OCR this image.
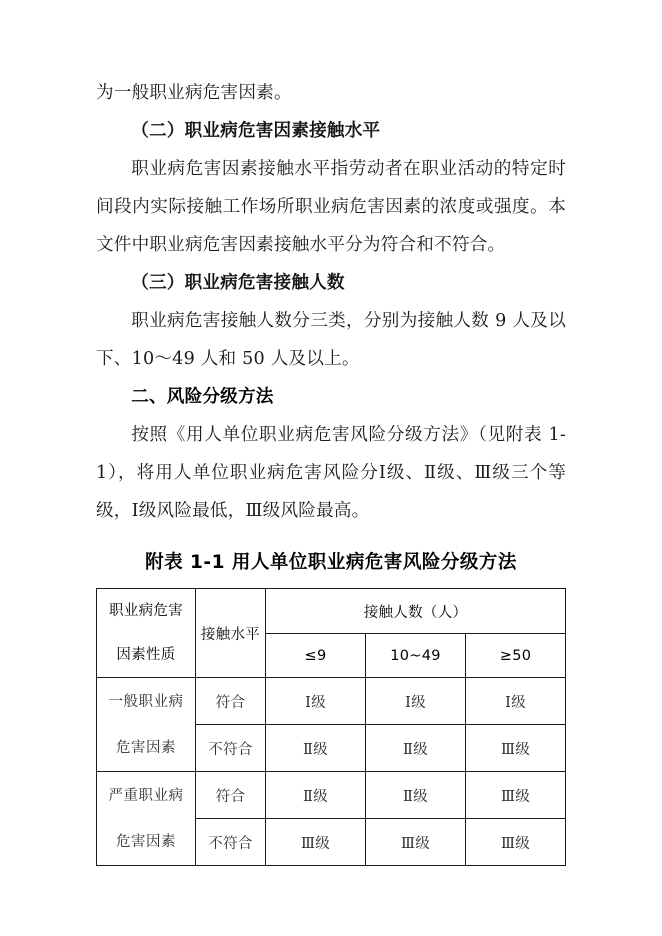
为一般职业病危害因素。

（二）职业病危害因素接触水平

职业病危害因素接触水平指劳动者在职业活动的特定时间段内实际接触工作场所职业病危害因素的浓度或强度。本文件中职业病危害因素接触水平分为符合和不符合。

（三）职业病危害接触人数

职业病危害接触人数分三类，分别为接触人数 9 人及以下、10～49 人和 50 人及以上。

二、风险分级方法

按照《用人单位职业病危害风险分级方法》（见附表 1-1），将用人单位职业病危害风险分Ⅰ级、Ⅱ级、Ⅲ级三个等级，Ⅰ级风险最低，Ⅲ级风险最高。

附表 1-1 用人单位职业病危害风险分级方法
职业病危害
因素性质	接触水平	接触人数（人）		
		≤9	10~49	≥50

一般职业病
危害因素	符合	Ⅰ级	Ⅰ级	Ⅰ级
	不符合	Ⅱ级	Ⅱ级	Ⅲ级

严重职业病
危害因素	符合	Ⅱ级	Ⅱ级	Ⅲ级
	不符合	Ⅲ级	Ⅲ级	Ⅲ级
